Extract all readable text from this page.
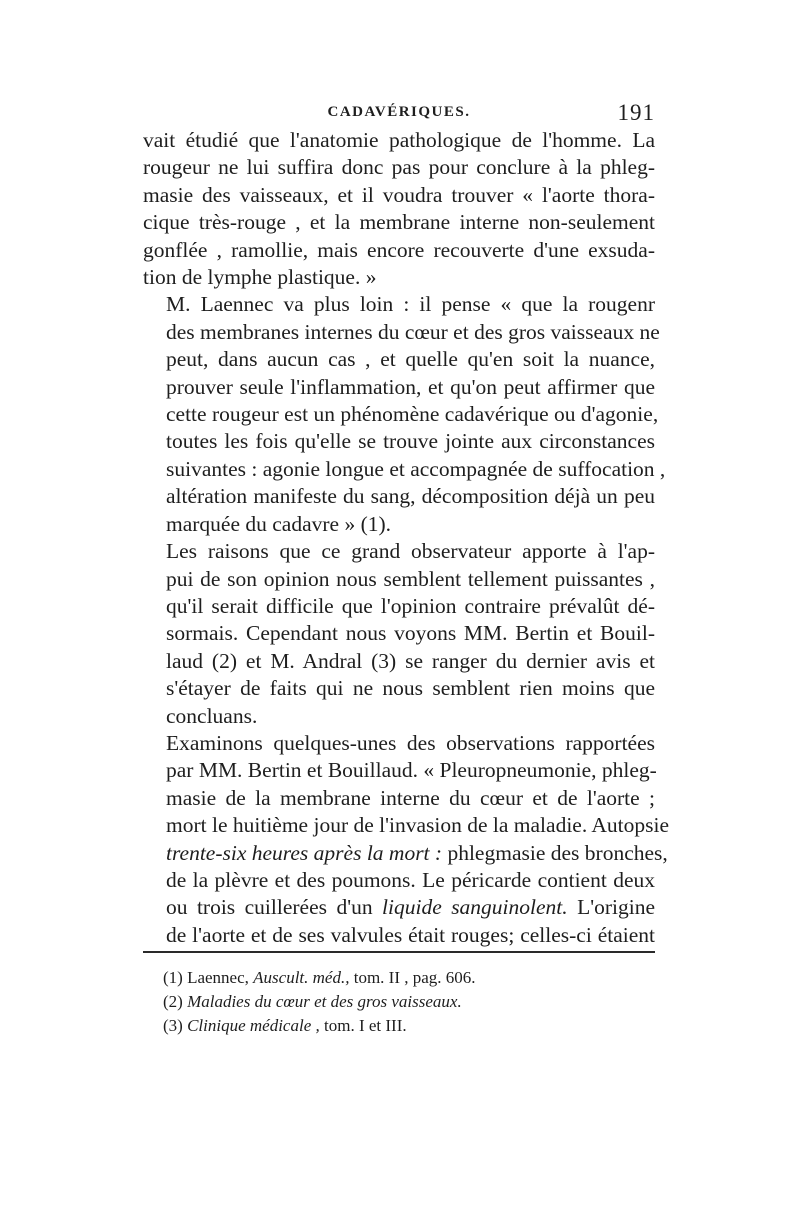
CADAVÉRIQUES.	191

vait étudié que l'anatomie pathologique de l'homme. La
rougeur ne lui suffira donc pas pour conclure à la phleg-
masie des vaisseaux, et il voudra trouver « l'aorte thora-
cique très-rouge , et la membrane interne non-seulement
gonflée , ramollie, mais encore recouverte d'une exsuda-
tion de lymphe plastique. »

M. Laennec va plus loin : il pense « que la rougenr
des membranes internes du cœur et des gros vaisseaux ne
peut, dans aucun cas , et quelle qu'en soit la nuance,
prouver seule l'inflammation, et qu'on peut affirmer que
cette rougeur est un phénomène cadavérique ou d'agonie,
toutes les fois qu'elle se trouve jointe aux circonstances
suivantes : agonie longue et accompagnée de suffocation ,
altération manifeste du sang, décomposition déjà un peu
marquée du cadavre » (1).

Les raisons que ce grand observateur apporte à l'ap-
pui de son opinion nous semblent tellement puissantes ,
qu'il serait difficile que l'opinion contraire prévalût dé-
sormais. Cependant nous voyons MM. Bertin et Bouil-
laud (2) et M. Andral (3) se ranger du dernier avis et
s'étayer de faits qui ne nous semblent rien moins que
concluans.

Examinons quelques-unes des observations rapportées
par MM. Bertin et Bouillaud. « Pleuropneumonie, phleg-
masie de la membrane interne du cœur et de l'aorte ;
mort le huitième jour de l'invasion de la maladie. Autopsie
trente-six heures après la mort : phlegmasie des bronches,
de la plèvre et des poumons. Le péricarde contient deux
ou trois cuillerées d'un liquide sanguinolent. L'origine
de l'aorte et de ses valvules était rouges; celles-ci étaient

(1) Laennec, Auscult. méd., tom. II , pag. 606.
(2) Maladies du cœur et des gros vaisseaux.
(3) Clinique médicale , tom. I et III.
